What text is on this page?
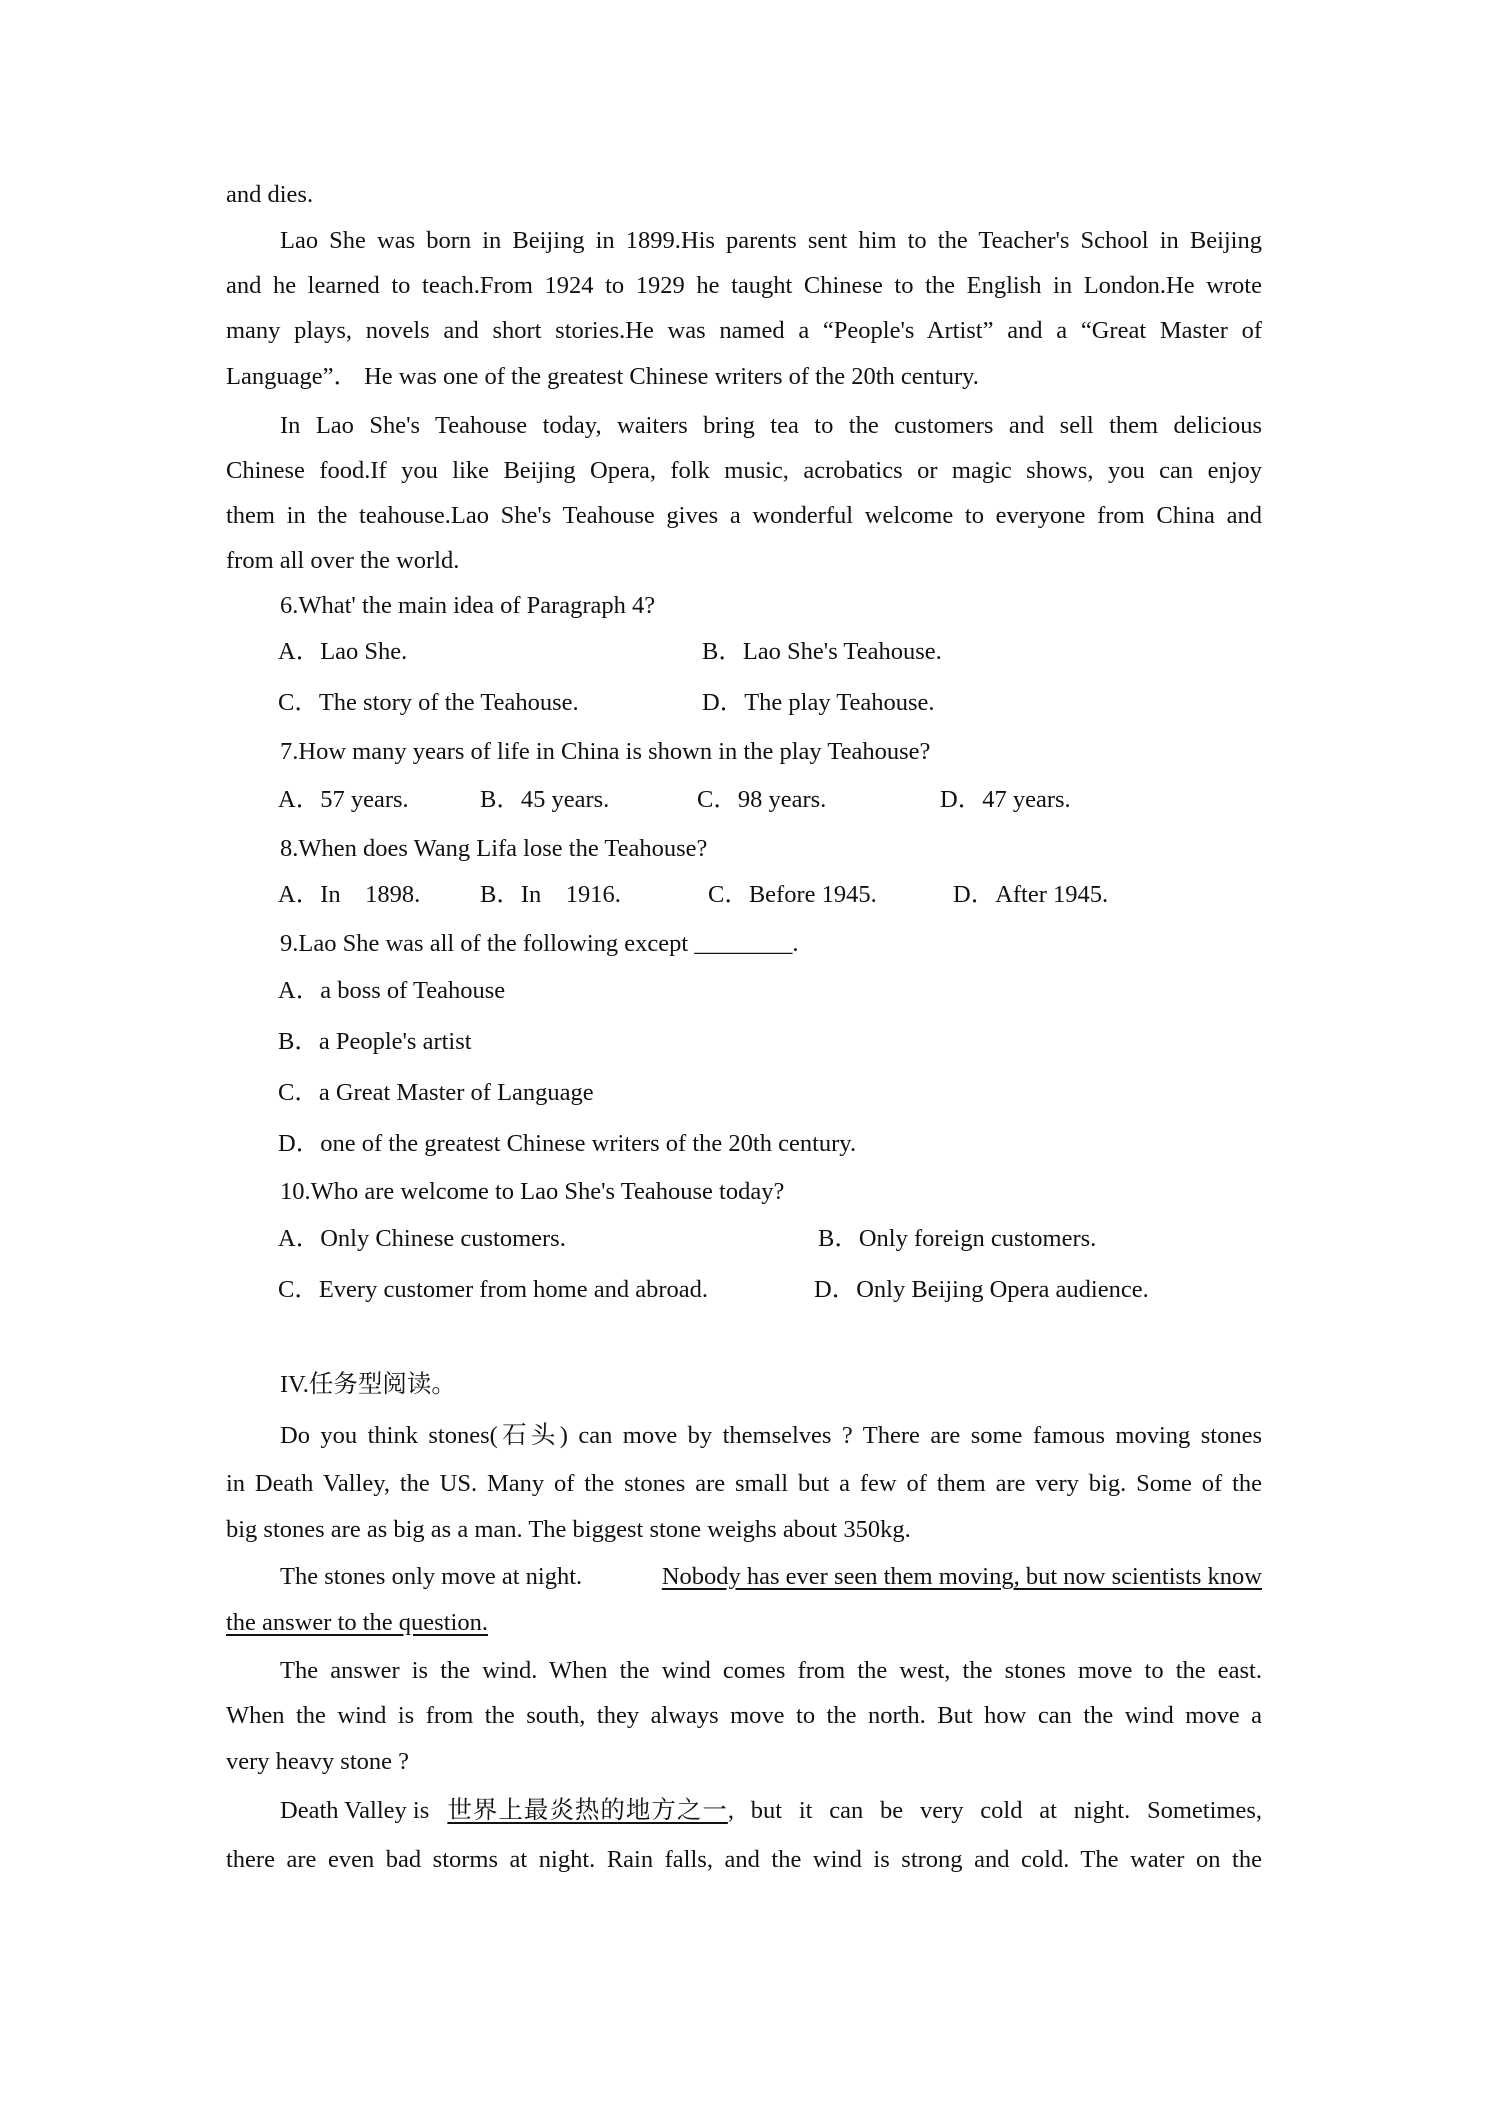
and dies.
Lao She was born in Beijing in 1899.His parents sent him to the Teacher's School in Beijing
and he learned to teach.From 1924 to 1929 he taught Chinese to the English in London.He wrote
many plays, novels and short stories.He was named a “People's Artist” and a “Great Master of
Language”． He was one of the greatest Chinese writers of the 20th century.
In Lao She's Teahouse today, waiters bring tea to the customers and sell them delicious
Chinese food.If you like Beijing Opera, folk music, acrobatics or magic shows, you can enjoy
them in the teahouse.Lao She's Teahouse gives a wonderful welcome to everyone from China and
from all over the world.
6.What' the main idea of Paragraph 4?
A．Lao She.	B．Lao She's Teahouse.
C．The story of the Teahouse.	D．The play Teahouse.
7.How many years of life in China is shown in the play Teahouse?
A．57 years.	B．45 years.	C．98 years.	D．47 years.
8.When does Wang Lifa lose the Teahouse?
A．In　1898. B．In　1916.	C．Before 1945.	D．After 1945.
9.Lao She was all of the following except ________.
A．a boss of Teahouse
B．a People's artist
C．a Great Master of Language
D．one of the greatest Chinese writers of the 20th century.
10.Who are welcome to Lao She's Teahouse today?
A．Only Chinese customers.	B．Only foreign customers.
C．Every customer from home and abroad.	D．Only Beijing Opera audience.
IV.任务型阅读。
Do you think stones(石头) can move by themselves ? There are some famous moving stones
in Death Valley, the US. Many of the stones are small but a few of them are very big. Some of the
big stones are as big as a man. The biggest stone weighs about 350kg.
The stones only move at night.	Nobody has ever seen them moving, but now scientists know
the answer to the question.
The answer is the wind. When the wind comes from the west, the stones move to the east.
When the wind is from the south, they always move to the north. But how can the wind move a
very heavy stone ?
Death Valley is 世界上最炎热的地方之一 , but it can be very cold at night. Sometimes,
there are even bad storms at night. Rain falls, and the wind is strong and cold. The water on the
